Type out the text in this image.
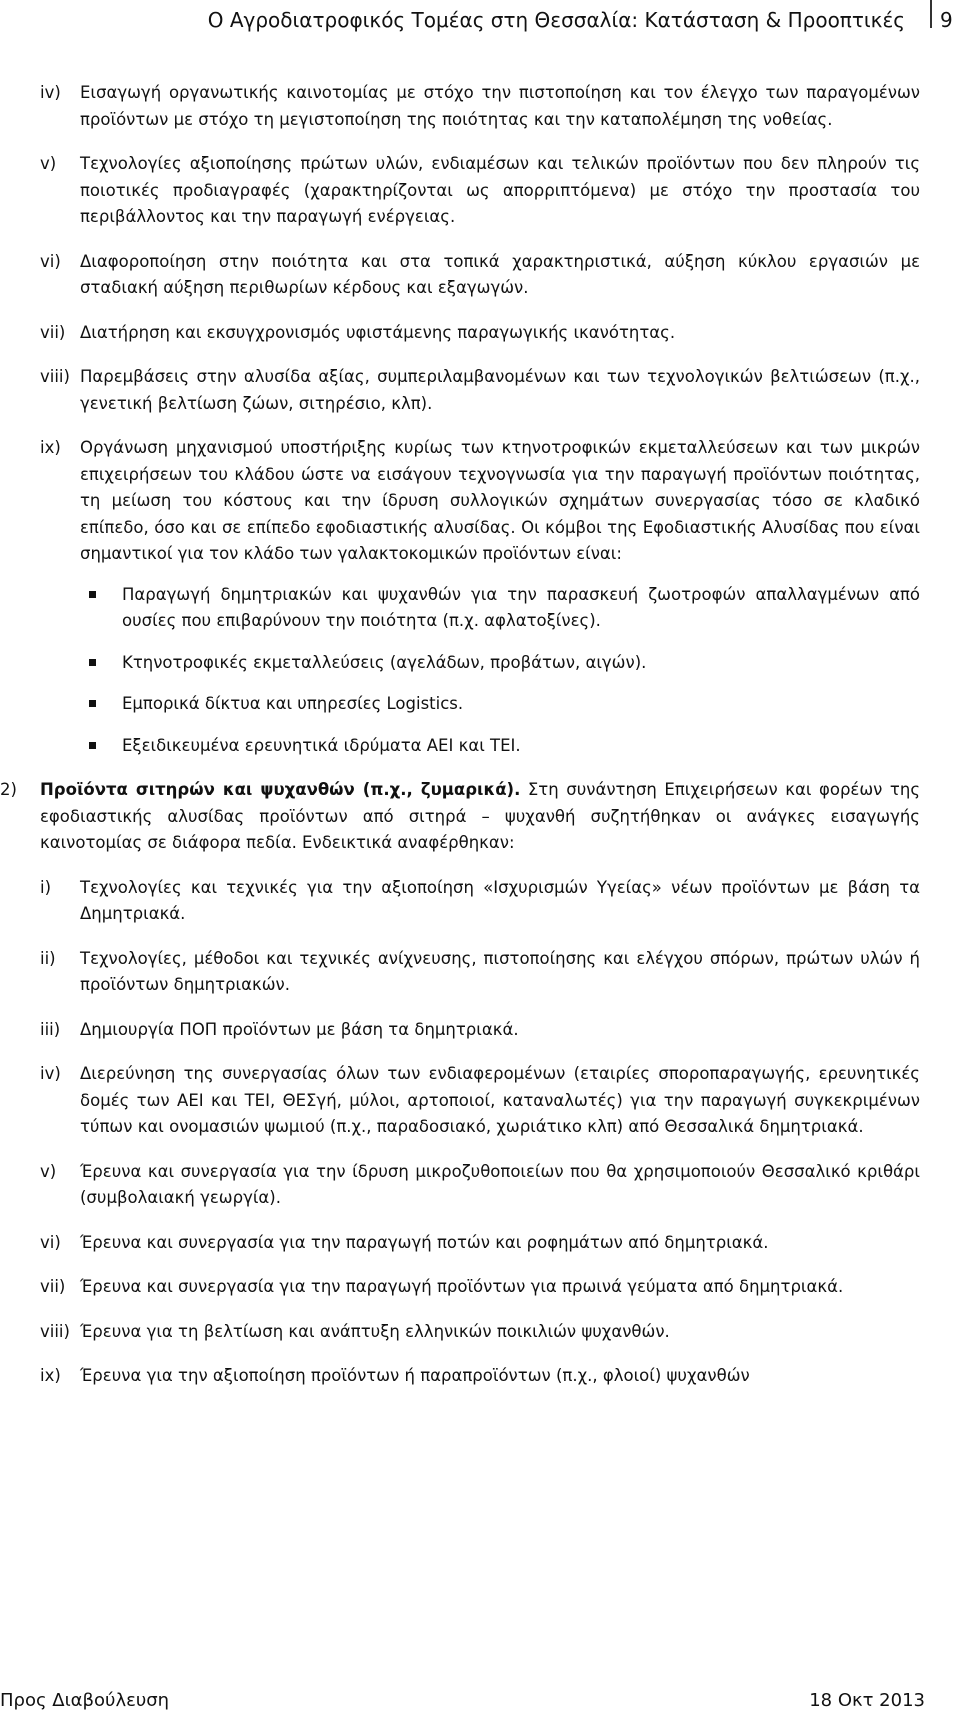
Ο Αγροδιατροφικός Τομέας στη Θεσσαλία: Κατάσταση & Προοπτικές 9
iv) Εισαγωγή οργανωτικής καινοτομίας με στόχο την πιστοποίηση και τον έλεγχο των παραγομένων προϊόντων με στόχο τη μεγιστοποίηση της ποιότητας και την καταπολέμηση της νοθείας.
v) Τεχνολογίες αξιοποίησης πρώτων υλών, ενδιαμέσων και τελικών προϊόντων που δεν πληρούν τις ποιοτικές προδιαγραφές (χαρακτηρίζονται ως απορριπτόμενα) με στόχο την προστασία του περιβάλλοντος και την παραγωγή ενέργειας.
vi) Διαφοροποίηση στην ποιότητα και στα τοπικά χαρακτηριστικά, αύξηση κύκλου εργασιών με σταδιακή αύξηση περιθωρίων κέρδους και εξαγωγών.
vii) Διατήρηση και εκσυγχρονισμός υφιστάμενης παραγωγικής ικανότητας.
viii) Παρεμβάσεις στην αλυσίδα αξίας, συμπεριλαμβανομένων και των τεχνολογικών βελτιώσεων (π.χ., γενετική βελτίωση ζώων, σιτηρέσιο, κλπ).
ix) Οργάνωση μηχανισμού υποστήριξης κυρίως των κτηνοτροφικών εκμεταλλεύσεων και των μικρών επιχειρήσεων του κλάδου ώστε να εισάγουν τεχνογνωσία για την παραγωγή προϊόντων ποιότητας, τη μείωση του κόστους και την ίδρυση συλλογικών σχημάτων συνεργασίας τόσο σε κλαδικό επίπεδο, όσο και σε επίπεδο εφοδιαστικής αλυσίδας. Οι κόμβοι της Εφοδιαστικής Αλυσίδας που είναι σημαντικοί για τον κλάδο των γαλακτοκομικών προϊόντων είναι:
Παραγωγή δημητριακών και ψυχανθών για την παρασκευή ζωοτροφών απαλλαγμένων από ουσίες που επιβαρύνουν την ποιότητα (π.χ. αφλατοξίνες).
Κτηνοτροφικές εκμεταλλεύσεις (αγελάδων, προβάτων, αιγών).
Εμπορικά δίκτυα και υπηρεσίες Logistics.
Εξειδικευμένα ερευνητικά ιδρύματα ΑΕΙ και ΤΕΙ.
2) Προϊόντα σιτηρών και ψυχανθών (π.χ., ζυμαρικά). Στη συνάντηση Επιχειρήσεων και φορέων της εφοδιαστικής αλυσίδας προϊόντων από σιτηρά – ψυχανθή συζητήθηκαν οι ανάγκες εισαγωγής καινοτομίας σε διάφορα πεδία. Ενδεικτικά αναφέρθηκαν:
i) Τεχνολογίες και τεχνικές για την αξιοποίηση «Ισχυρισμών Υγείας» νέων προϊόντων με βάση τα Δημητριακά.
ii) Τεχνολογίες, μέθοδοι και τεχνικές ανίχνευσης, πιστοποίησης και ελέγχου σπόρων, πρώτων υλών ή προϊόντων δημητριακών.
iii) Δημιουργία ΠΟΠ προϊόντων με βάση τα δημητριακά.
iv) Διερεύνηση της συνεργασίας όλων των ενδιαφερομένων (εταιρίες σποροπαραγωγής, ερευνητικές δομές των ΑΕΙ και ΤΕΙ, ΘΕΣγή, μύλοι, αρτοποιοί, καταναλωτές) για την παραγωγή συγκεκριμένων τύπων και ονομασιών ψωμιού (π.χ., παραδοσιακό, χωριάτικο κλπ) από Θεσσαλικά δημητριακά.
v) Έρευνα και συνεργασία για την ίδρυση μικροζυθοποιείων που θα χρησιμοποιούν Θεσσαλικό κριθάρι (συμβολαιακή γεωργία).
vi) Έρευνα και συνεργασία για την παραγωγή ποτών και ροφημάτων από δημητριακά.
vii) Έρευνα και συνεργασία για την παραγωγή προϊόντων για πρωινά γεύματα από δημητριακά.
viii) Έρευνα για τη βελτίωση και ανάπτυξη ελληνικών ποικιλιών ψυχανθών.
ix) Έρευνα για την αξιοποίηση προϊόντων ή παραπροϊόντων (π.χ., φλοιοί) ψυχανθών
Προς Διαβούλευση	18 Οκτ 2013
